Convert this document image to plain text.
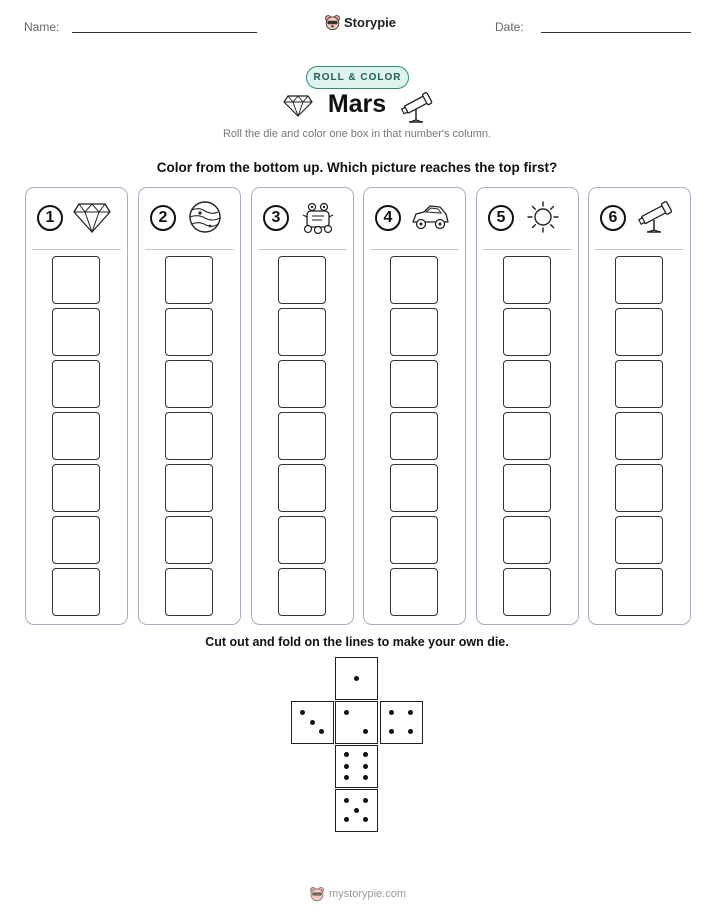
Name:	Storypie	Date:
ROLL & COLOR
Mars
Roll the die and color one box in that number's column.
Color from the bottom up. Which picture reaches the top first?
1	2	3	4	5	6
Cut out and fold on the lines to make your own die.
mystorypie.com
